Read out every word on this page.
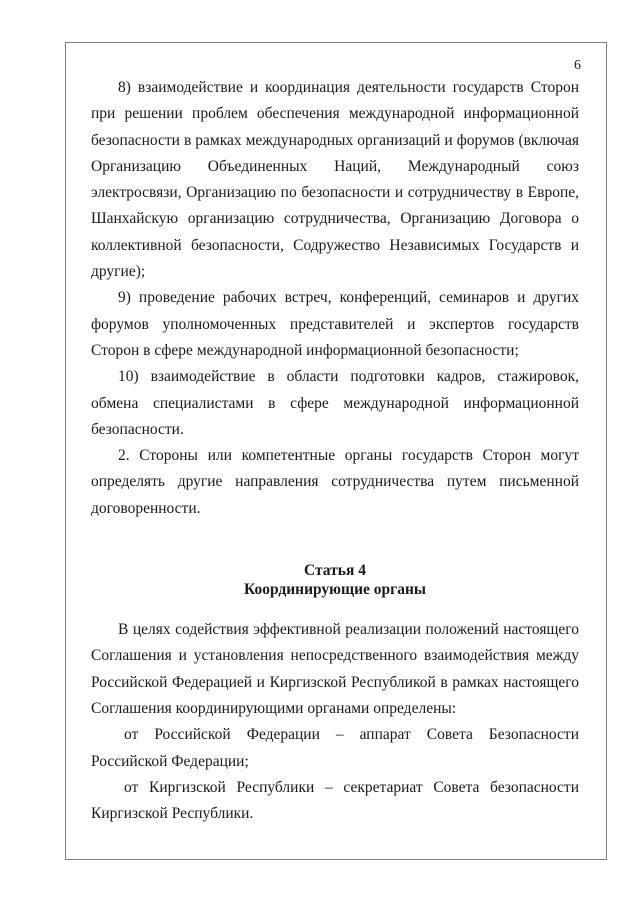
6

8) взаимодействие и координация деятельности государств Сторон при решении проблем обеспечения международной информационной безопасности в рамках международных организаций и форумов (включая Организацию Объединенных Наций, Международный союз электросвязи, Организацию по безопасности и сотрудничеству в Европе, Шанхайскую организацию сотрудничества, Организацию Договора о коллективной безопасности, Содружество Независимых Государств и другие);

9) проведение рабочих встреч, конференций, семинаров и других форумов уполномоченных представителей и экспертов государств Сторон в сфере международной информационной безопасности;

10) взаимодействие в области подготовки кадров, стажировок, обмена специалистами в сфере международной информационной безопасности.

2. Стороны или компетентные органы государств Сторон могут определять другие направления сотрудничества путем письменной договоренности.

Статья 4
Координирующие органы

В целях содействия эффективной реализации положений настоящего Соглашения и установления непосредственного взаимодействия между Российской Федерацией и Киргизской Республикой в рамках настоящего Соглашения координирующими органами определены:

от Российской Федерации – аппарат Совета Безопасности Российской Федерации;

от Киргизской Республики – секретариат Совета безопасности Киргизской Республики.
